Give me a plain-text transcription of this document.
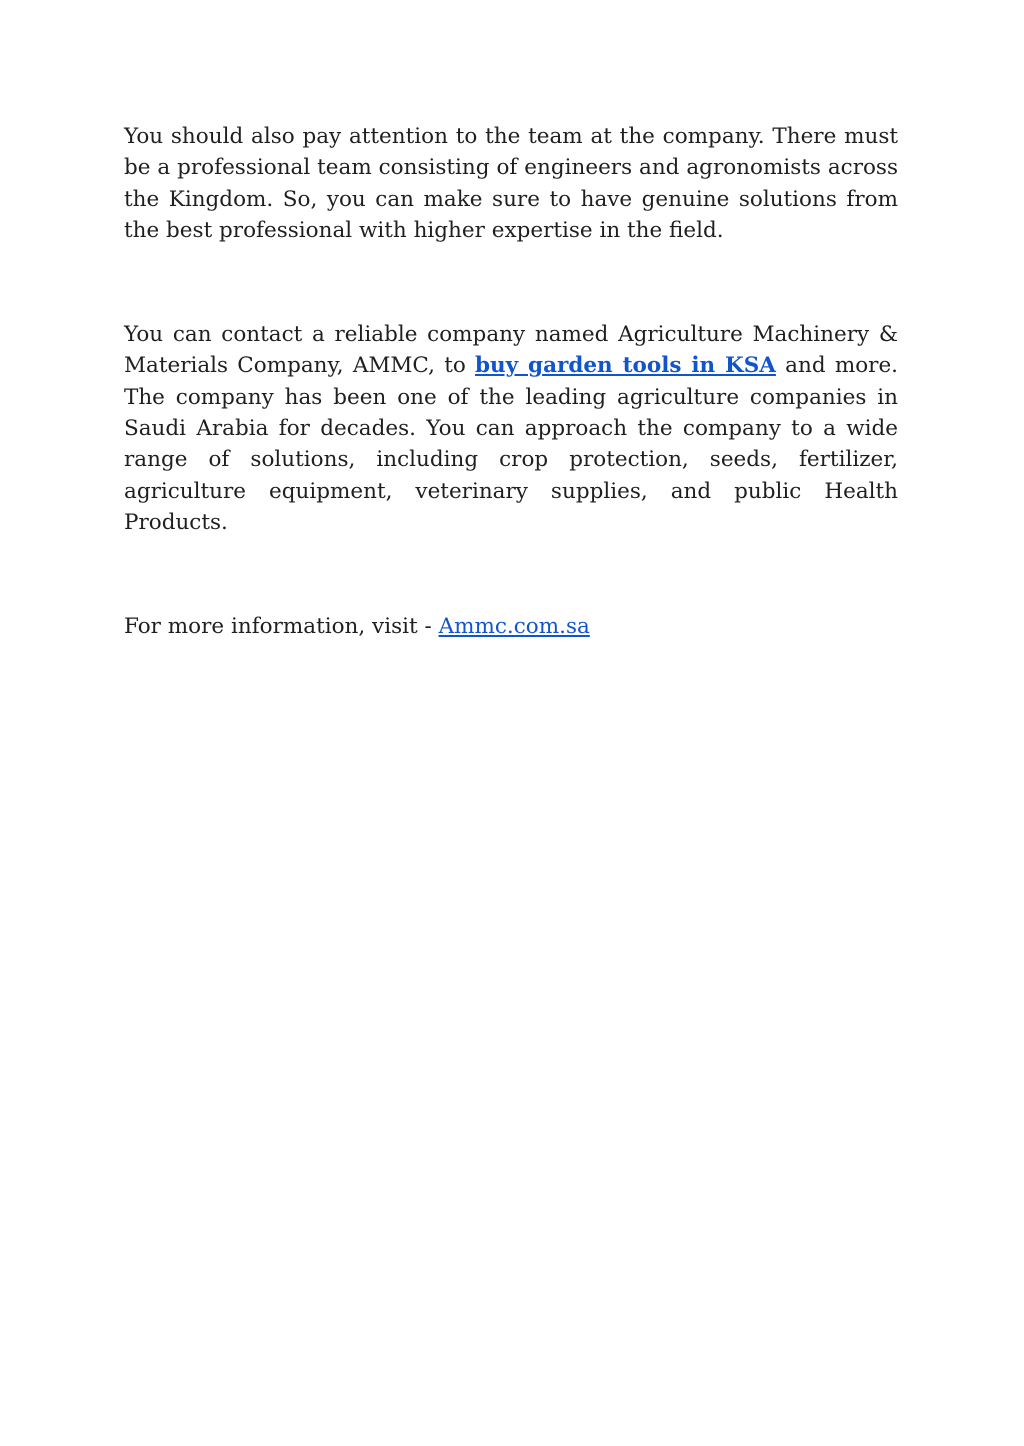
You should also pay attention to the team at the company. There must be a professional team consisting of engineers and agronomists across the Kingdom. So, you can make sure to have genuine solutions from the best professional with higher expertise in the field.

You can contact a reliable company named Agriculture Machinery & Materials Company, AMMC, to buy garden tools in KSA and more. The company has been one of the leading agriculture companies in Saudi Arabia for decades. You can approach the company to a wide range of solutions, including crop protection, seeds, fertilizer, agriculture equipment, veterinary supplies, and public Health Products.

For more information, visit - Ammc.com.sa
